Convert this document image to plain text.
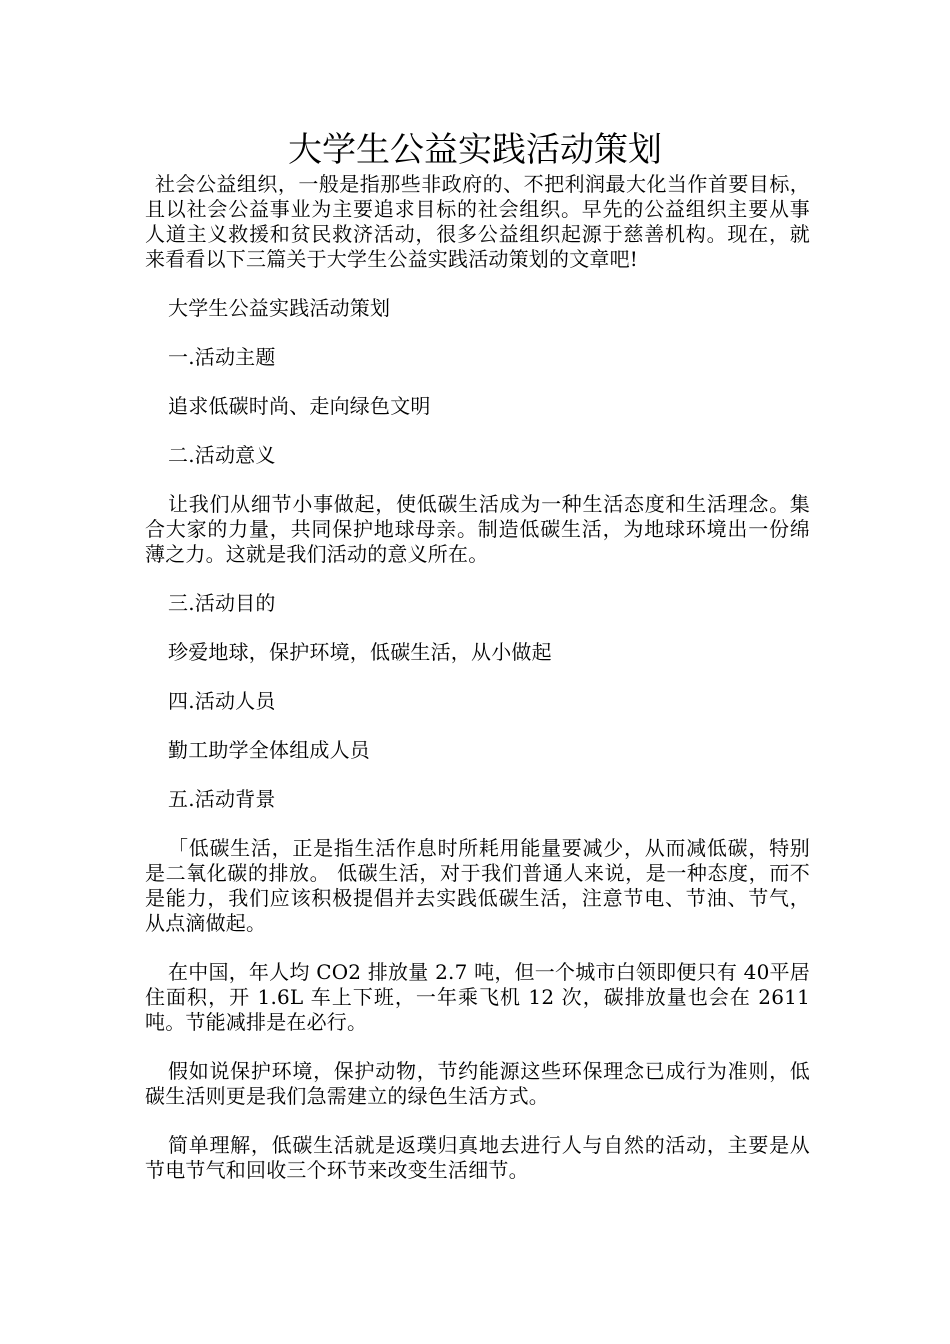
大学生公益实践活动策划

社会公益组织，一般是指那些非政府的、不把利润最大化当作首要目标，且以社会公益事业为主要追求目标的社会组织。早先的公益组织主要从事人道主义救援和贫民救济活动，很多公益组织起源于慈善机构。现在，就来看看以下三篇关于大学生公益实践活动策划的文章吧!

大学生公益实践活动策划

一.活动主题

追求低碳时尚、走向绿色文明

二.活动意义

让我们从细节小事做起，使低碳生活成为一种生活态度和生活理念。集合大家的力量，共同保护地球母亲。制造低碳生活，为地球环境出一份绵薄之力。这就是我们活动的意义所在。

三.活动目的

珍爱地球，保护环境，低碳生活，从小做起

四.活动人员

勤工助学全体组成人员

五.活动背景

「低碳生活，正是指生活作息时所耗用能量要减少，从而减低碳，特别是二氧化碳的排放。 低碳生活，对于我们普通人来说，是一种态度，而不是能力，我们应该积极提倡并去实践低碳生活，注意节电、节油、节气，从点滴做起。

在中国，年人均 CO2 排放量 2.7 吨，但一个城市白领即便只有 40平居住面积，开 1.6L 车上下班，一年乘飞机 12 次，碳排放量也会在 2611 吨。节能减排是在必行。

假如说保护环境，保护动物，节约能源这些环保理念已成行为准则，低碳生活则更是我们急需建立的绿色生活方式。

简单理解，低碳生活就是返璞归真地去进行人与自然的活动，主要是从节电节气和回收三个环节来改变生活细节。
